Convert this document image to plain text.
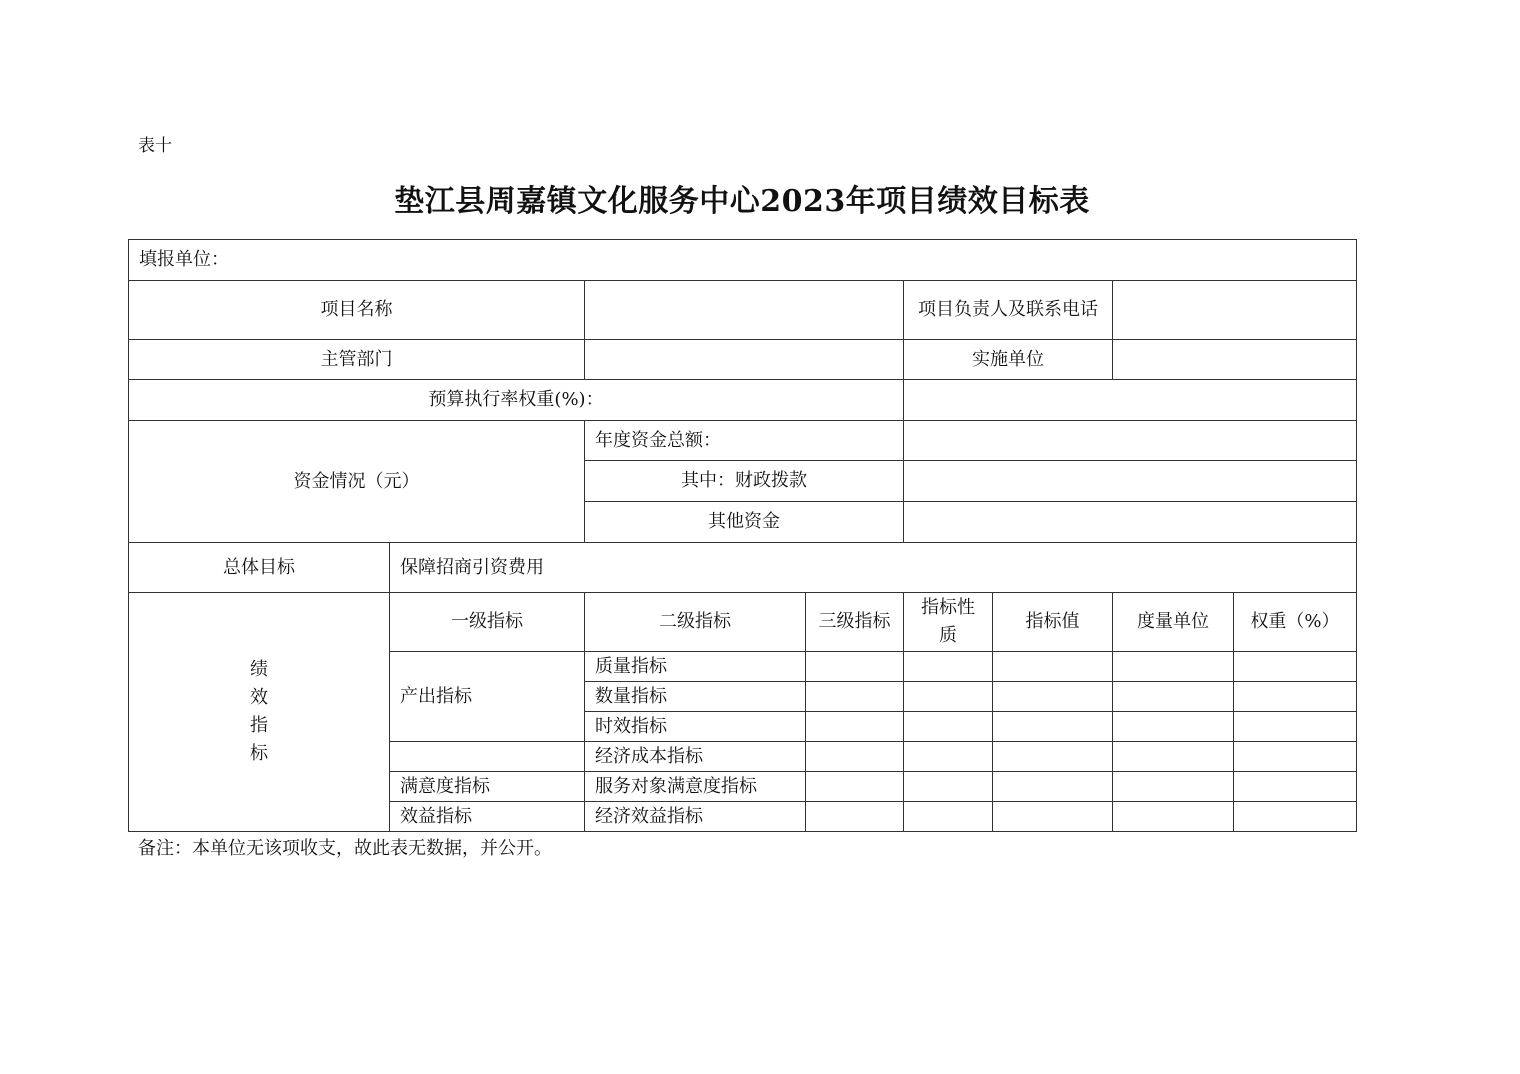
表十
垫江县周嘉镇文化服务中心2023年项目绩效目标表
填报单位：							
项目名称				项目负责人及联系电话			
主管部门				实施单位			
预算执行率权重(%)：							
资金情况（元）		年度资金总额：					
		其中：财政拨款					
		其他资金					
总体目标	保障招商引资费用						

绩
效
指
标	一级指标	二级指标	三级指标	指标性质	指标值	度量单位	权重（%）
	产出指标	质量指标					
		数量指标					
		时效指标					
		经济成本指标					
	满意度指标	服务对象满意度指标					
	效益指标	经济效益指标					
备注：本单位无该项收支，故此表无数据，并公开。
